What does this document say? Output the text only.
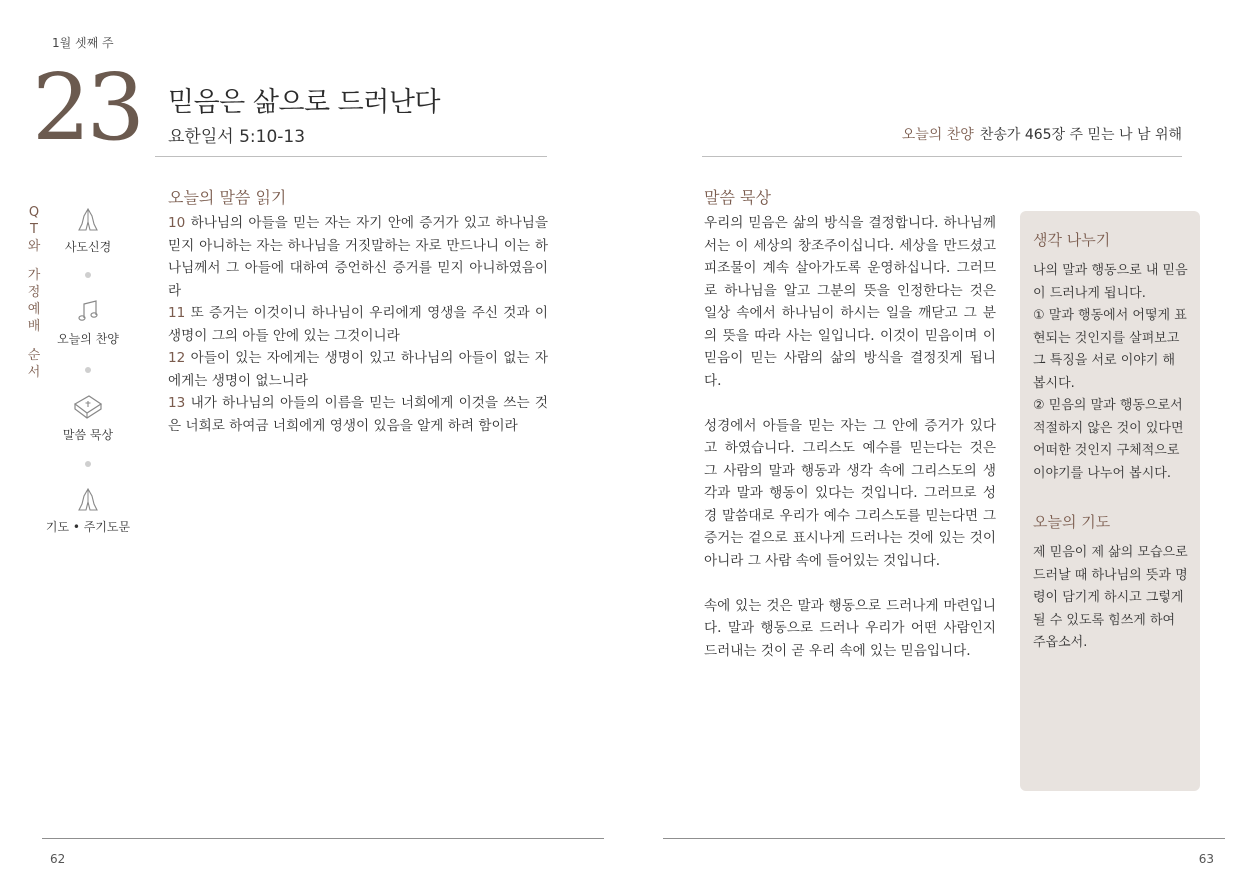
1월 셋째 주
23 믿음은 삶으로 드러난다
요한일서 5:10-13	오늘의 찬양 찬송가 465장 주 믿는 나 남 위해
Q
T
와
가
정
예
배
순
서
사도신경
오늘의 찬양
말씀 묵상
기도 • 주기도문
오늘의 말씀 읽기
10 하나님의 아들을 믿는 자는 자기 안에 증거가 있고 하나님을 믿지 아니하는 자는 하나님을 거짓말하는 자로 만드나니 이는 하나님께서 그 아들에 대하여 증언하신 증거를 믿지 아니하였음이라
11 또 증거는 이것이니 하나님이 우리에게 영생을 주신 것과 이 생명이 그의 아들 안에 있는 그것이니라
12 아들이 있는 자에게는 생명이 있고 하나님의 아들이 없는 자에게는 생명이 없느니라
13 내가 하나님의 아들의 이름을 믿는 너희에게 이것을 쓰는 것은 너희로 하여금 너희에게 영생이 있음을 알게 하려 함이라
말씀 묵상

우리의 믿음은 삶의 방식을 결정합니다. 하나님께서는 이 세상의 창조주이십니다. 세상을 만드셨고 피조물이 계속 살아가도록 운영하십니다. 그러므로 하나님을 알고 그분의 뜻을 인정한다는 것은 일상 속에서 하나님이 하시는 일을 깨닫고 그 분의 뜻을 따라 사는 일입니다. 이것이 믿음이며 이 믿음이 믿는 사람의 삶의 방식을 결정짓게 됩니다.

성경에서 아들을 믿는 자는 그 안에 증거가 있다고 하였습니다. 그리스도 예수를 믿는다는 것은 그 사람의 말과 행동과 생각 속에 그리스도의 생각과 말과 행동이 있다는 것입니다. 그러므로 성경 말씀대로 우리가 예수 그리스도를 믿는다면 그 증거는 겉으로 표시나게 드러나는 것에 있는 것이 아니라 그 사람 속에 들어있는 것입니다.

속에 있는 것은 말과 행동으로 드러나게 마련입니다. 말과 행동으로 드러나 우리가 어떤 사람인지 드러내는 것이 곧 우리 속에 있는 믿음입니다.

생각 나누기

나의 말과 행동으로 내 믿음이 드러나게 됩니다.
① 말과 행동에서 어떻게 표현되는 것인지를 살펴보고 그 특징을 서로 이야기 해 봅시다.
② 믿음의 말과 행동으로서 적절하지 않은 것이 있다면 어떠한 것인지 구체적으로 이야기를 나누어 봅시다.

오늘의 기도

제 믿음이 제 삶의 모습으로 드러날 때 하나님의 뜻과 명령이 담기게 하시고 그렇게 될 수 있도록 힘쓰게 하여 주옵소서.

62	63
